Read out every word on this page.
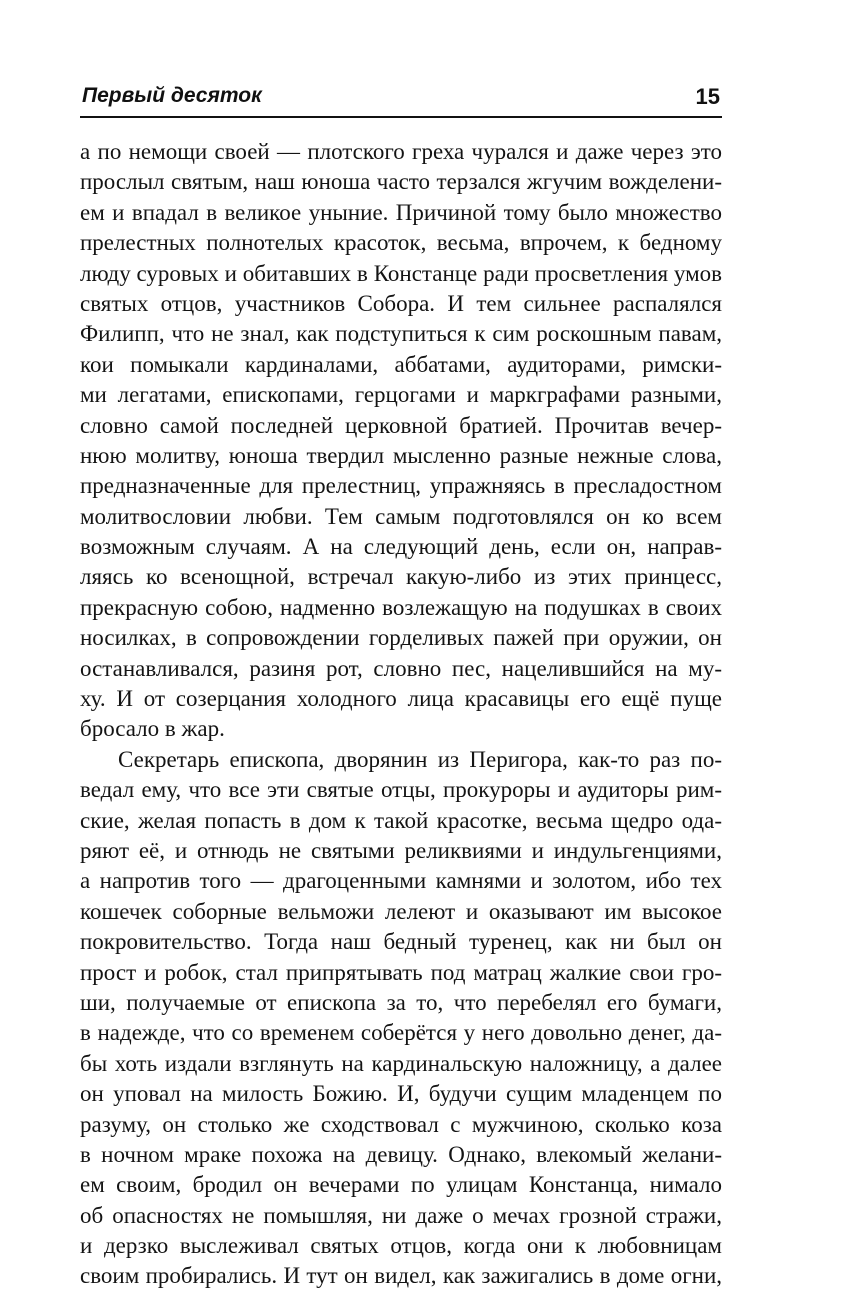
Первый десяток	15
а по немощи своей — плотского греха чурался и даже через это
прослыл святым, наш юноша часто терзался жгучим вожделени-
ем и впадал в великое уныние. Причиной тому было множество
прелестных полнотелых красоток, весьма, впрочем, к бедному
люду суровых и обитавших в Констанце ради просветления умов
святых отцов, участников Собора. И тем сильнее распалялся
Филипп, что не знал, как подступиться к сим роскошным павам,
кои помыкали кардиналами, аббатами, аудиторами, римски-
ми легатами, епископами, герцогами и маркграфами разными,
словно самой последней церковной братией. Прочитав вечер-
нюю молитву, юноша твердил мысленно разные нежные слова,
предназначенные для прелестниц, упражняясь в пресладостном
молитвословии любви. Тем самым подготовлялся он ко всем
возможным случаям. А на следующий день, если он, направ-
ляясь ко всенощной, встречал какую-либо из этих принцесс,
прекрасную собою, надменно возлежащую на подушках в своих
носилках, в сопровождении горделивых пажей при оружии, он
останавливался, разиня рот, словно пес, нацелившийся на му-
ху. И от созерцания холодного лица красавицы его ещё пуще
бросало в жар.
Секретарь епископа, дворянин из Перигора, как-то раз по-
ведал ему, что все эти святые отцы, прокуроры и аудиторы рим-
ские, желая попасть в дом к такой красотке, весьма щедро ода-
ряют её, и отнюдь не святыми реликвиями и индульгенциями,
а напротив того — драгоценными камнями и золотом, ибо тех
кошечек соборные вельможи лелеют и оказывают им высокое
покровительство. Тогда наш бедный туренец, как ни был он
прост и робок, стал припрятывать под матрац жалкие свои гро-
ши, получаемые от епископа за то, что перебелял его бумаги,
в надежде, что со временем соберётся у него довольно денег, да-
бы хоть издали взглянуть на кардинальскую наложницу, а далее
он уповал на милость Божию. И, будучи сущим младенцем по
разуму, он столько же сходствовал с мужчиною, сколько коза
в ночном мраке похожа на девицу. Однако, влекомый желани-
ем своим, бродил он вечерами по улицам Констанца, нимало
об опасностях не помышляя, ни даже о мечах грозной стражи,
и дерзко выслеживал святых отцов, когда они к любовницам
своим пробирались. И тут он видел, как зажигались в доме огни,
